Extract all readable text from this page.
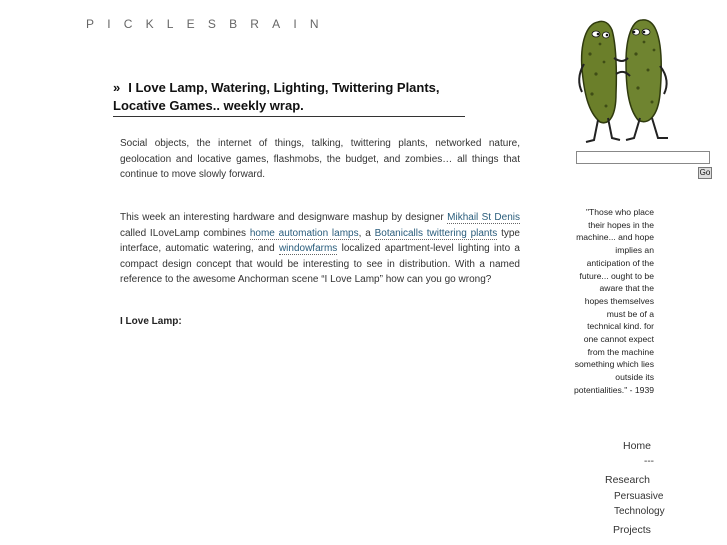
PICKLESBRAIN
» I Love Lamp, Watering, Lighting, Twittering Plants, Locative Games.. weekly wrap.
Social objects, the internet of things, talking, twittering plants, networked nature, geolocation and locative games, flashmobs, the budget, and zombies… all things that continue to move slowly forward.
This week an interesting hardware and designware mashup by designer Mikhail St Denis called ILoveLamp combines home automation lamps, a Botanicalls twittering plants type interface, automatic watering, and windowfarms localized apartment-level lighting into a compact design concept that would be interesting to see in distribution. With a named reference to the awesome Anchorman scene “I Love Lamp” how can you go wrong?
I Love Lamp:
Go
"Those who place their hopes in the machine... and hope implies an anticipation of the future... ought to be aware that the hopes themselves must be of a technical kind. for one cannot expect from the machine something which lies outside its potentialities." - 1939
Home
---
Research
Persuasive
Technology
Projects
